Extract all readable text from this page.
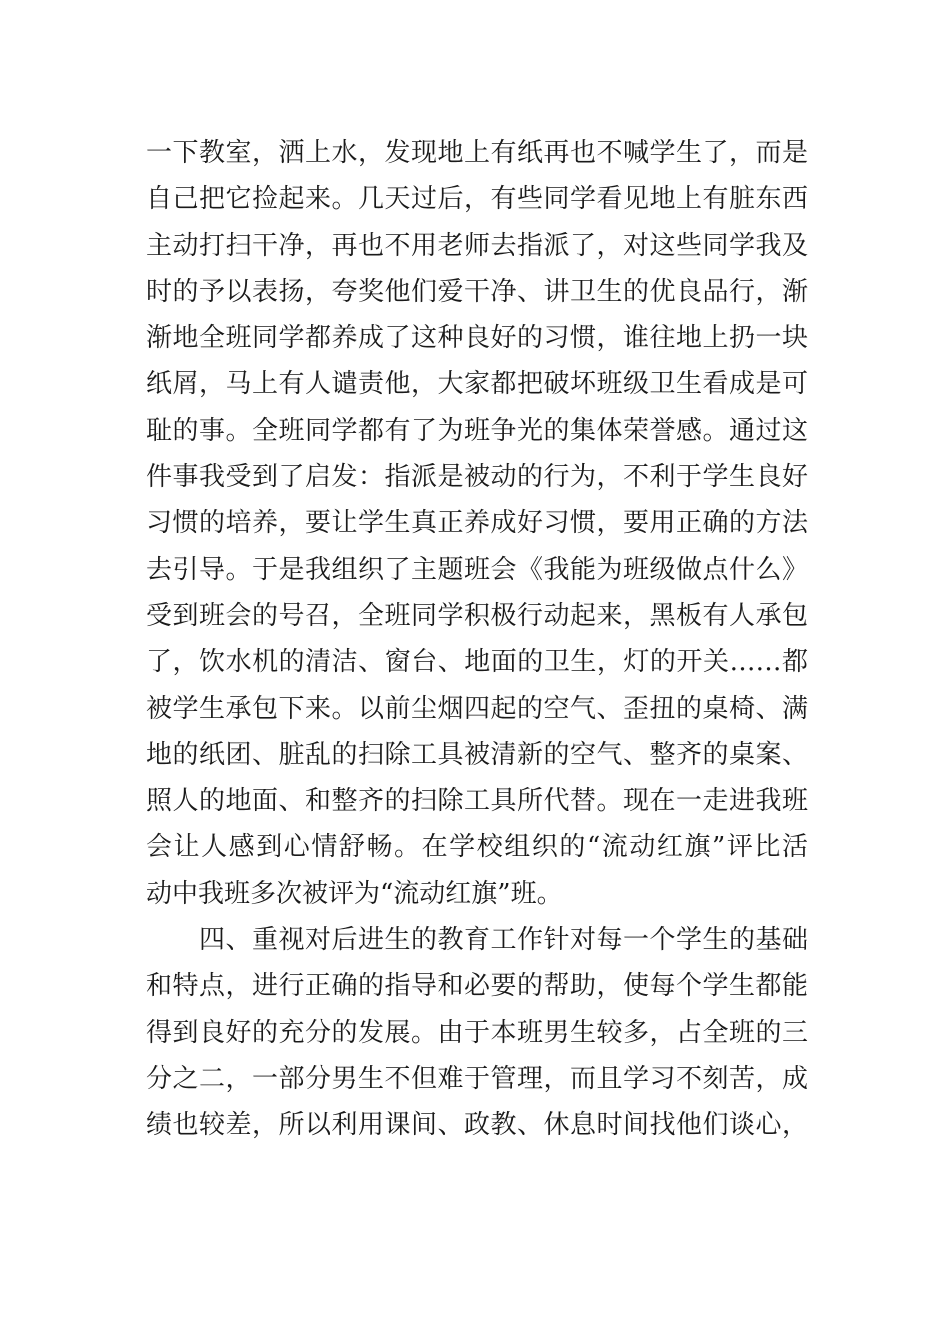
一下教室，洒上水，发现地上有纸再也不喊学生了，而是
自己把它捡起来。几天过后，有些同学看见地上有脏东西
主动打扫干净，再也不用老师去指派了，对这些同学我及
时的予以表扬，夸奖他们爱干净、讲卫生的优良品行，渐
渐地全班同学都养成了这种良好的习惯，谁往地上扔一块
纸屑，马上有人谴责他，大家都把破坏班级卫生看成是可
耻的事。全班同学都有了为班争光的集体荣誉感。通过这
件事我受到了启发：指派是被动的行为，不利于学生良好
习惯的培养，要让学生真正养成好习惯，要用正确的方法
去引导。于是我组织了主题班会《我能为班级做点什么》
受到班会的号召，全班同学积极行动起来，黑板有人承包
了，饮水机的清洁、窗台、地面的卫生，灯的开关……都
被学生承包下来。以前尘烟四起的空气、歪扭的桌椅、满
地的纸团、脏乱的扫除工具被清新的空气、整齐的桌案、
照人的地面、和整齐的扫除工具所代替。现在一走进我班
会让人感到心情舒畅。在学校组织的“流动红旗”评比活
动中我班多次被评为“流动红旗”班。
　　四、重视对后进生的教育工作针对每一个学生的基础
和特点，进行正确的指导和必要的帮助，使每个学生都能
得到良好的充分的发展。由于本班男生较多，占全班的三
分之二，一部分男生不但难于管理，而且学习不刻苦，成
绩也较差，所以利用课间、政教、休息时间找他们谈心，
